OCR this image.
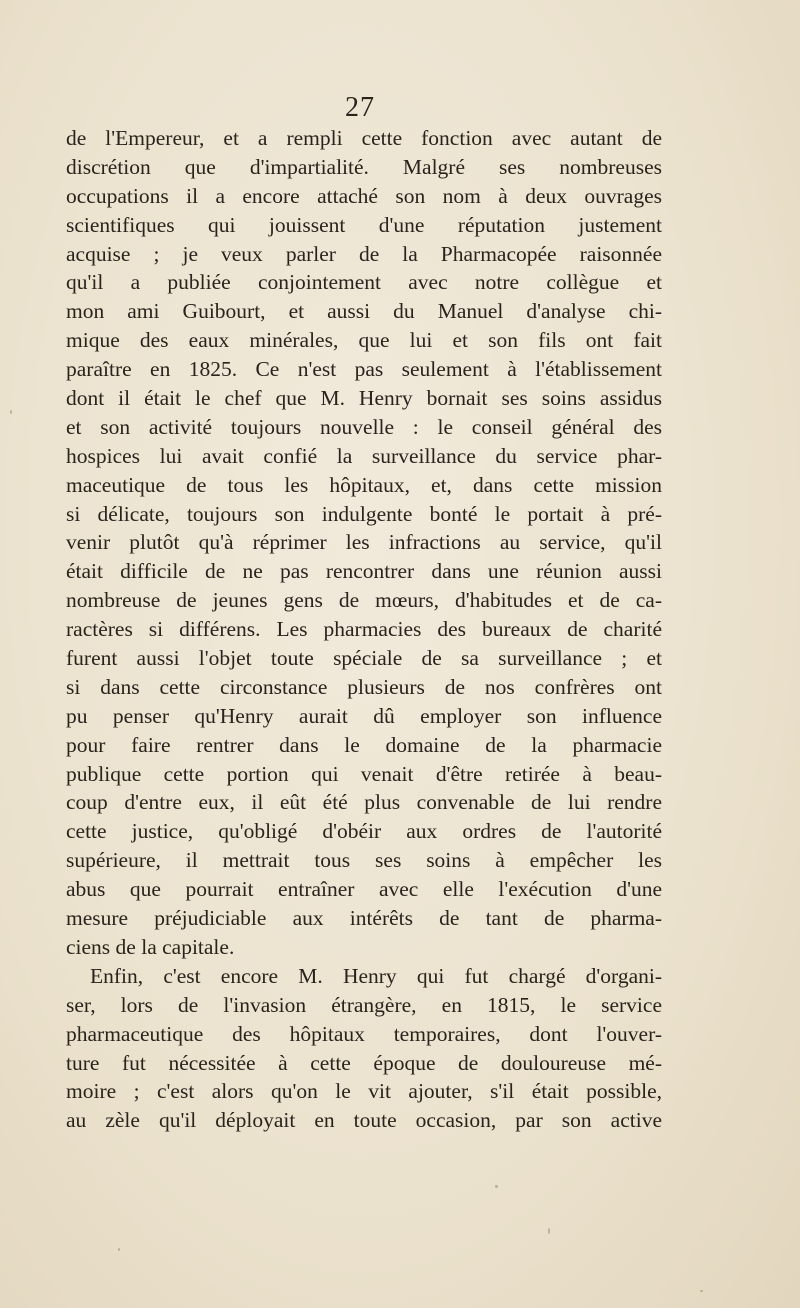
27
de l'Empereur, et a rempli cette fonction avec autant de
discrétion que d'impartialité. Malgré ses nombreuses
occupations il a encore attaché son nom à deux ouvrages
scientifiques qui jouissent d'une réputation justement
acquise ; je veux parler de la Pharmacopée raisonnée
qu'il a publiée conjointement avec notre collègue et
mon ami Guibourt, et aussi du Manuel d'analyse chi-
mique des eaux minérales, que lui et son fils ont fait
paraître en 1825. Ce n'est pas seulement à l'établissement
dont il était le chef que M. Henry bornait ses soins assidus
et son activité toujours nouvelle : le conseil général des
hospices lui avait confié la surveillance du service phar-
maceutique de tous les hôpitaux, et, dans cette mission
si délicate, toujours son indulgente bonté le portait à pré-
venir plutôt qu'à réprimer les infractions au service, qu'il
était difficile de ne pas rencontrer dans une réunion aussi
nombreuse de jeunes gens de mœurs, d'habitudes et de ca-
ractères si différens. Les pharmacies des bureaux de charité
furent aussi l'objet toute spéciale de sa surveillance ; et
si dans cette circonstance plusieurs de nos confrères ont
pu penser qu'Henry aurait dû employer son influence
pour faire rentrer dans le domaine de la pharmacie
publique cette portion qui venait d'être retirée à beau-
coup d'entre eux, il eût été plus convenable de lui rendre
cette justice, qu'obligé d'obéir aux ordres de l'autorité
supérieure, il mettrait tous ses soins à empêcher les
abus que pourrait entraîner avec elle l'exécution d'une
mesure préjudiciable aux intérêts de tant de pharma-
ciens de la capitale.
Enfin, c'est encore M. Henry qui fut chargé d'organi-
ser, lors de l'invasion étrangère, en 1815, le service
pharmaceutique des hôpitaux temporaires, dont l'ouver-
ture fut nécessitée à cette époque de douloureuse mé-
moire ; c'est alors qu'on le vit ajouter, s'il était possible,
au zèle qu'il déployait en toute occasion, par son active
